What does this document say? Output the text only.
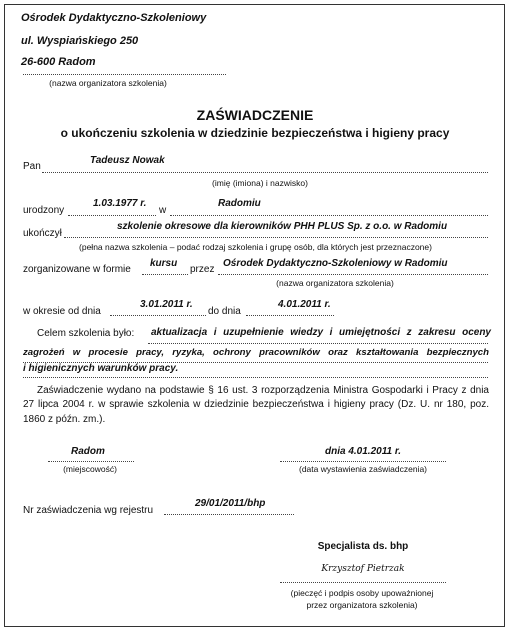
Ośrodek Dydaktyczno-Szkoleniowy
ul. Wyspiańskiego 250
26-600 Radom
(nazwa organizatora szkolenia)
ZAŚWIADCZENIE
o ukończeniu szkolenia w dziedzinie bezpieczeństwa i higieny pracy
Pan
Tadeusz Nowak
(imię (imiona) i nazwisko)
urodzony
1.03.1977 r.
w
Radomiu
ukończył
szkolenie okresowe dla kierowników PHH PLUS Sp. z o.o. w Radomiu
(pełna nazwa szkolenia – podać rodzaj szkolenia i grupę osób, dla których jest przeznaczone)
zorganizowane w formie
kursu
przez
Ośrodek Dydaktyczno-Szkoleniowy w Radomiu
(nazwa organizatora szkolenia)
w okresie od dnia
3.01.2011 r.
do dnia
4.01.2011 r.
Celem szkolenia było: aktualizacja i uzupełnienie wiedzy i umiejętności z zakresu oceny
zagrożeń w procesie pracy, ryzyka, ochrony pracowników oraz kształtowania bezpiecznych
i higienicznych warunków pracy.
Zaświadczenie wydano na podstawie § 16 ust. 3 rozporządzenia Ministra Gospodarki i Pracy z dnia 27 lipca 2004 r. w sprawie szkolenia w dziedzinie bezpieczeństwa i higieny pracy (Dz. U. nr 180, poz. 1860 z późn. zm.).
Radom
(miejscowość)
dnia 4.01.2011 r.
(data wystawienia zaświadczenia)
Nr zaświadczenia wg rejestru
29/01/2011/bhp
Specjalista ds. bhp
Krzysztof Pietrzak
(pieczęć i podpis osoby upoważnionej
przez organizatora szkolenia)
